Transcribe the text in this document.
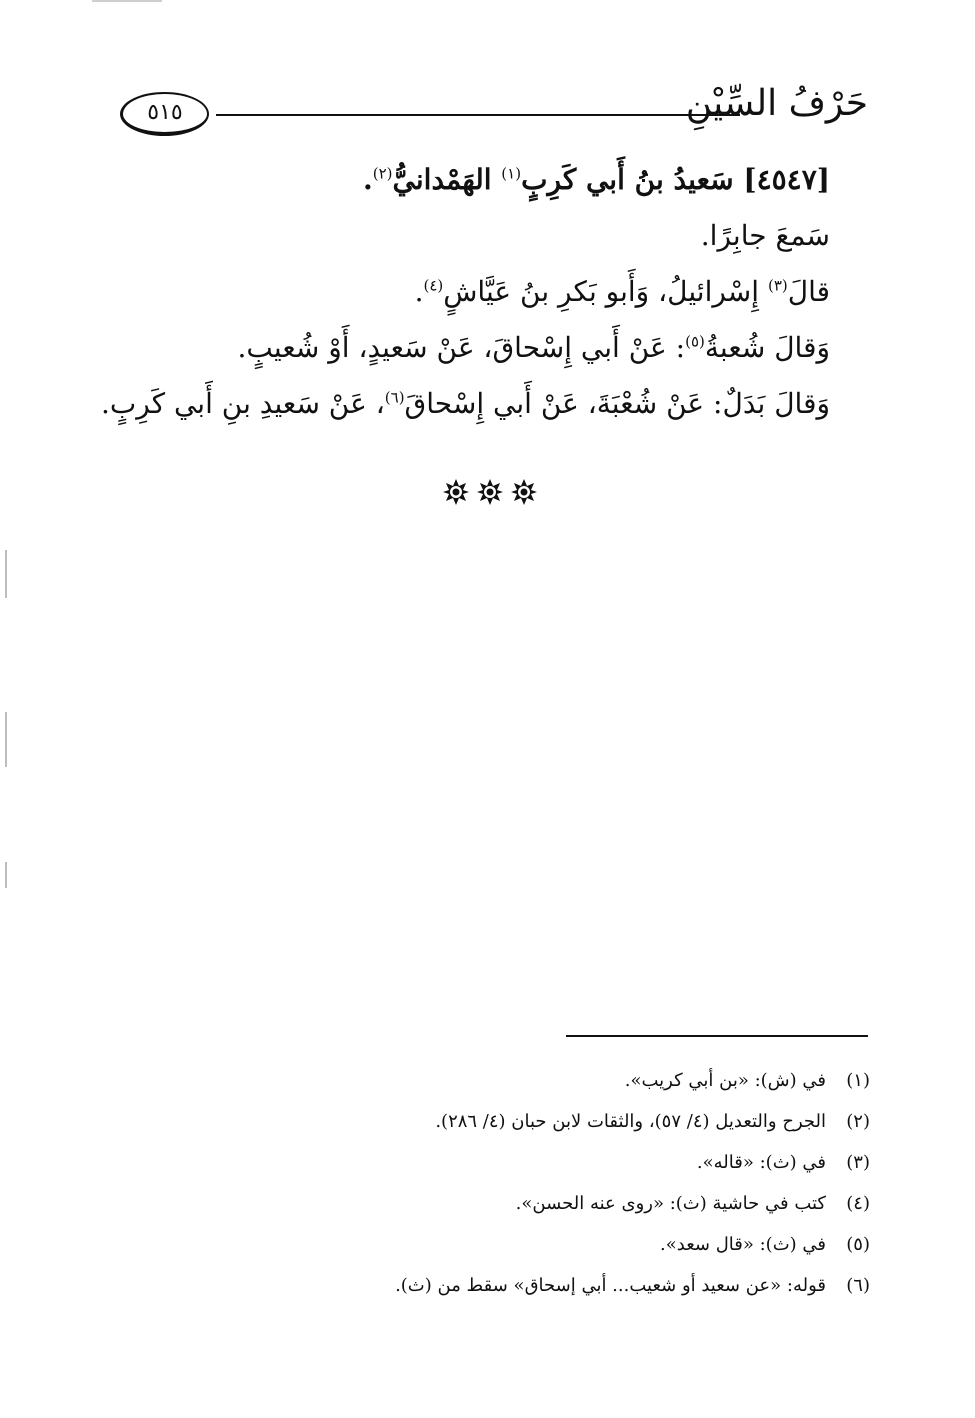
٥١٥	حَرْفُ السِّيْنِ
[٤٥٤٧] سَعيدُ بنُ أَبي كَرِبٍ$^{(١)}$ الهَمْدانيُّ$^{(٢)}$.
سَمعَ جابِرًا.
قالَ$^{(٣)}$ إِسْرائيلُ، وَأَبو بَكرِ بنُ عَيَّاشٍ$^{(٤)}$.
وَقالَ شُعبةُ$^{(٥)}$: عَنْ أَبي إِسْحاقَ، عَنْ سَعيدٍ، أَوْ شُعيبٍ.
وَقالَ بَدَلٌ: عَنْ شُعْبَةَ، عَنْ أَبي إِسْحاقَ$^{(٦)}$، عَنْ سَعيدِ بنِ أَبي كَرِبٍ.
(١)في (ش): «بن أبي كريب».
(٢)الجرح والتعديل (٤/ ٥٧)، والثقات لابن حبان (٤/ ٢٨٦).
(٣)في (ث): «قاله».
(٤)كتب في حاشية (ث): «روى عنه الحسن».
(٥)في (ث): «قال سعد».
(٦)قوله: «عن سعيد أو شعيب... أبي إسحاق» سقط من (ث).
